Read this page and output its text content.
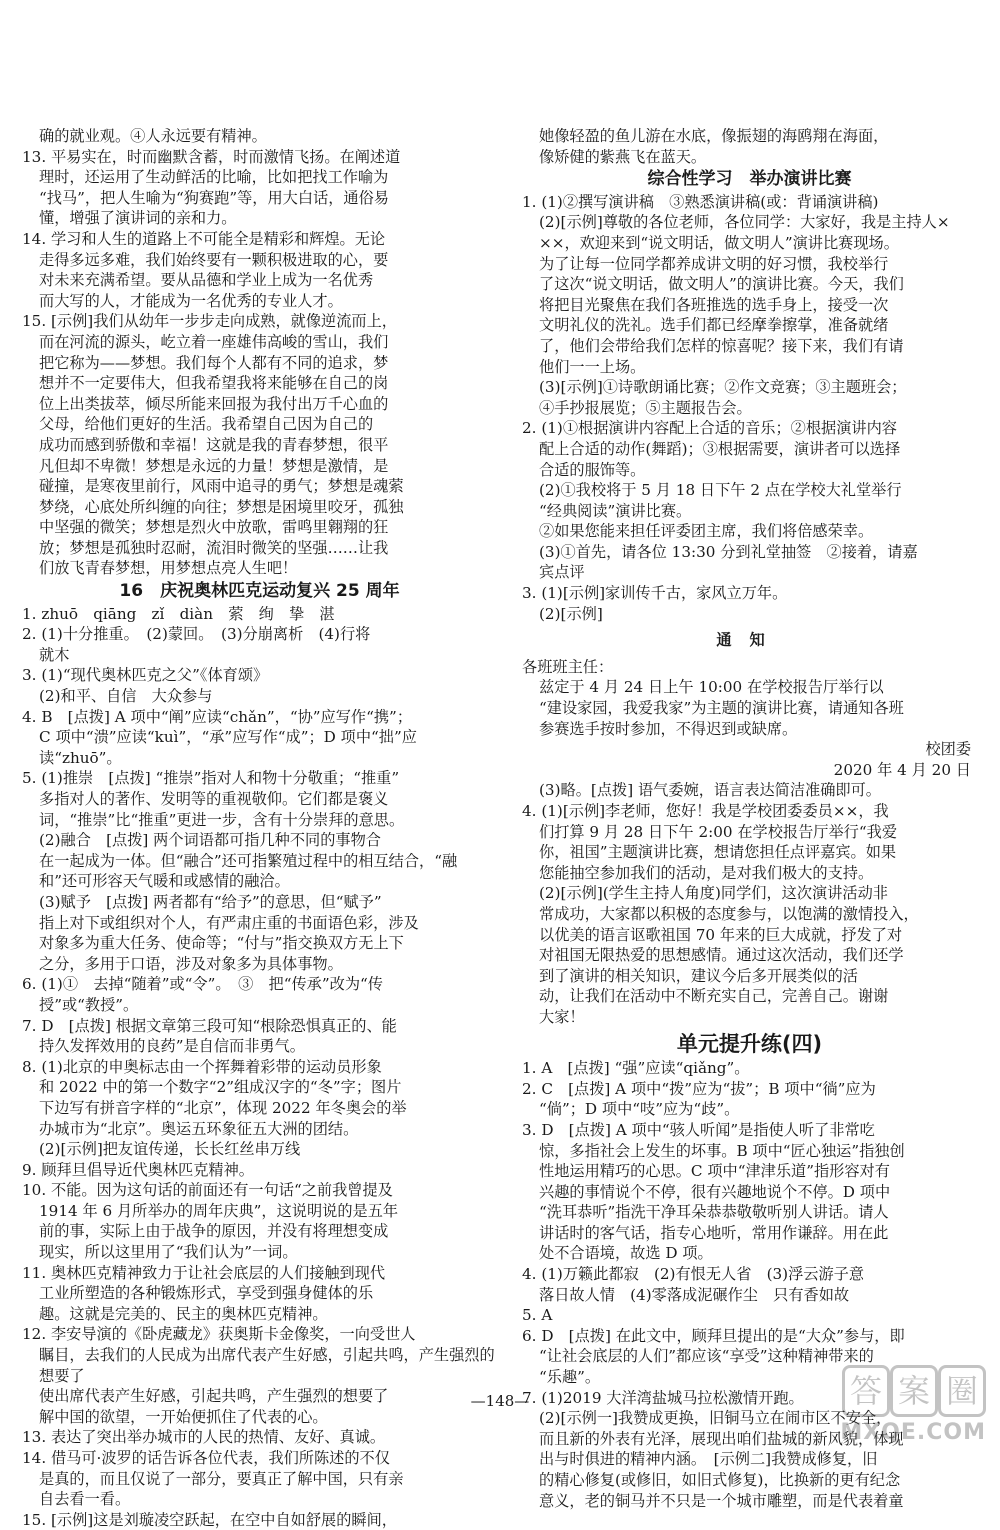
确的就业观。④人永远要有精神。
13. 平易实在，时而幽默含蓄，时而激情飞扬。在阐述道
理时，还运用了生动鲜活的比喻，比如把找工作喻为
“找马”，把人生喻为“狗赛跑”等，用大白话，通俗易
懂，增强了演讲词的亲和力。
14. 学习和人生的道路上不可能全是精彩和辉煌。无论
走得多远多难，我们始终要有一颗积极进取的心，要
对未来充满希望。要从品德和学业上成为一名优秀
而大写的人，才能成为一名优秀的专业人才。
15. [示例]我们从幼年一步步走向成熟，就像逆流而上，
而在河流的源头，屹立着一座雄伟高峻的雪山，我们
把它称为——梦想。我们每个人都有不同的追求，梦
想并不一定要伟大，但我希望我将来能够在自己的岗
位上出类拔萃，倾尽所能来回报为我付出万千心血的
父母，给他们更好的生活。我希望自己因为自己的
成功而感到骄傲和幸福！这就是我的青春梦想，很平
凡但却不卑微！梦想是永远的力量！梦想是激情，是
碰撞，是寒夜里前行，风雨中追寻的勇气；梦想是魂萦
梦绕，心底处所纠缠的向往；梦想是困境里咬牙，孤独
中坚强的微笑；梦想是烈火中放歌，雷鸣里翱翔的狂
放；梦想是孤独时忍耐，流泪时微笑的坚强……让我
们放飞青春梦想，用梦想点亮人生吧！
16　庆祝奥林匹克运动复兴 25 周年
1. zhuō　qiāng　zǐ　diàn　萦　绚　挚　湛
2. (1)十分推重。　(2)蒙回。　(3)分崩离析　(4)行将
就木
3. (1)“现代奥林匹克之父”《体育颂》
(2)和平、自信　大众参与
4. B　[点拨] A 项中“阐”应读“chǎn”，“协”应写作“携”；
C 项中“溃”应读“kuì”，“承”应写作“成”；D 项中“拙”应
读“zhuō”。
5. (1)推崇　[点拨] “推崇”指对人和物十分敬重；“推重”
多指对人的著作、发明等的重视敬仰。它们都是褒义
词，“推崇”比“推重”更进一步，含有十分崇拜的意思。
(2)融合　[点拨] 两个词语都可指几种不同的事物合
在一起成为一体。但“融合”还可指繁殖过程中的相互结合，“融
和”还可形容天气暖和或感情的融洽。
(3)赋予　[点拨] 两者都有“给予”的意思，但“赋予”
指上对下或组织对个人，有严肃庄重的书面语色彩，涉及
对象多为重大任务、使命等；“付与”指交换双方无上下
之分，多用于口语，涉及对象多为具体事物。
6. (1)①　去掉“随着”或“令”。　③　把“传承”改为“传
授”或“教授”。
7. D　[点拨] 根据文章第三段可知“根除恐惧真正的、能
持久发挥效用的良药”是自信而非勇气。
8. (1)北京的申奥标志由一个挥舞着彩带的运动员形象
和 2022 中的第一个数字“2”组成汉字的“冬”字；图片
下边写有拼音字样的“北京”，体现 2022 年冬奥会的举
办城市为“北京”。奥运五环象征五大洲的团结。
(2)[示例]把友谊传递，长长红丝串万线
9. 顾拜旦倡导近代奥林匹克精神。
10. 不能。因为这句话的前面还有一句话“之前我曾提及
1914 年 6 月所举办的周年庆典”，这说明说的是五年
前的事，实际上由于战争的原因，并没有将理想变成
现实，所以这里用了“我们认为”一词。
11. 奥林匹克精神致力于让社会底层的人们接触到现代
工业所塑造的各种锻炼形式，享受到强身健体的乐
趣。这就是完美的、民主的奥林匹克精神。
12. 李安导演的《卧虎藏龙》获奥斯卡金像奖，一向受世人
瞩目，去我们的人民成为出席代表产生好感，引起共鸣，产生强烈的想要了
使出席代表产生好感，引起共鸣，产生强烈的想要了
解中国的欲望，一开始便抓住了代表的心。
13. 表达了突出举办城市的人民的热情、友好、真诚。
14. 借马可·波罗的话告诉各位代表，我们所陈述的不仅
是真的，而且仅说了一部分，要真正了解中国，只有亲
自去看一看。
15. [示例]这是刘璇凌空跃起，在空中自如舒展的瞬间，
她像轻盈的鱼儿游在水底，像振翅的海鸥翔在海面，
像矫健的紫燕飞在蓝天。
综合性学习　举办演讲比赛
1. (1)②撰写演讲稿　③熟悉演讲稿(或：背诵演讲稿)
(2)[示例]尊敬的各位老师，各位同学：大家好，我是主持人×
××，欢迎来到“说文明话，做文明人”演讲比赛现场。
为了让每一位同学都养成讲文明的好习惯，我校举行
了这次“说文明话，做文明人”的演讲比赛。今天，我们
将把目光聚焦在我们各班推选的选手身上，接受一次
文明礼仪的洗礼。选手们都已经摩拳擦掌，准备就绪
了，他们会带给我们怎样的惊喜呢？接下来，我们有请
他们一一上场。
(3)[示例]①诗歌朗诵比赛；②作文竞赛；③主题班会；
④手抄报展览；⑤主题报告会。
2. (1)①根据演讲内容配上合适的音乐；②根据演讲内容
配上合适的动作(舞蹈)；③根据需要，演讲者可以选择
合适的服饰等。
(2)①我校将于 5 月 18 日下午 2 点在学校大礼堂举行
“经典阅读”演讲比赛。
②如果您能来担任评委团主席，我们将倍感荣幸。
(3)①首先，请各位 13:30 分到礼堂抽签　②接着，请嘉
宾点评
3. (1)[示例]家训传千古，家风立万年。
(2)[示例]
通知
各班班主任：
兹定于 4 月 24 日上午 10:00 在学校报告厅举行以
“建设家园，我爱我家”为主题的演讲比赛，请通知各班
参赛选手按时参加，不得迟到或缺席。
校团委
2020 年 4 月 20 日
(3)略。[点拨] 语气委婉，语言表达简洁准确即可。
4. (1)[示例]李老师，您好！我是学校团委委员××，我
们打算 9 月 28 日下午 2:00 在学校报告厅举行“我爱
你，祖国”主题演讲比赛，想请您担任点评嘉宾。如果
您能抽空参加我们的活动，是对我们极大的支持。
(2)[示例](学生主持人角度)同学们，这次演讲活动非
常成功，大家都以积极的态度参与，以饱满的激情投入，
以优美的语言讴歌祖国 70 年来的巨大成就，抒发了对
对祖国无限热爱的思想感情。通过这次活动，我们还学
到了演讲的相关知识，建议今后多开展类似的活
动，让我们在活动中不断充实自己，完善自己。谢谢
大家！
单元提升练(四)
1. A　[点拨] “强”应读“qiǎng”。
2. C　[点拨] A 项中“拨”应为“拔”；B 项中“徜”应为
“倘”；D 项中“吱”应为“歧”。
3. D　[点拨] A 项中“骇人听闻”是指使人听了非常吃
惊，多指社会上发生的坏事。B 项中“匠心独运”指独创
性地运用精巧的心思。C 项中“津津乐道”指形容对有
兴趣的事情说个不停，很有兴趣地说个不停。D 项中
“洗耳恭听”指洗干净耳朵恭恭敬敬听别人讲话。请人
讲话时的客气话，指专心地听，常用作谦辞。用在此
处不合语境，故选 D 项。
4. (1)万籁此都寂　(2)有恨无人省　(3)浮云游子意
落日故人情　(4)零落成泥碾作尘　只有香如故
5. A
6. D　[点拨] 在此文中，顾拜旦提出的是“大众”参与，即
“让社会底层的人们”都应该“享受”这种精神带来的
“乐趣”。
7. (1)2019 大洋湾盐城马拉松激情开跑。
(2)[示例一]我赞成更换，旧铜马立在闹市区不安全，
而且新的外表有光泽，展现出咱们盐城的新风貌，体现
出与时俱进的精神内涵。　[示例二]我赞成修复，旧
的精心修复(或修旧，如旧式修复)，比换新的更有纪念
意义，老的铜马并不只是一个城市雕塑，而是代表着童
—148—	答 案 圈
MXQE.COM
